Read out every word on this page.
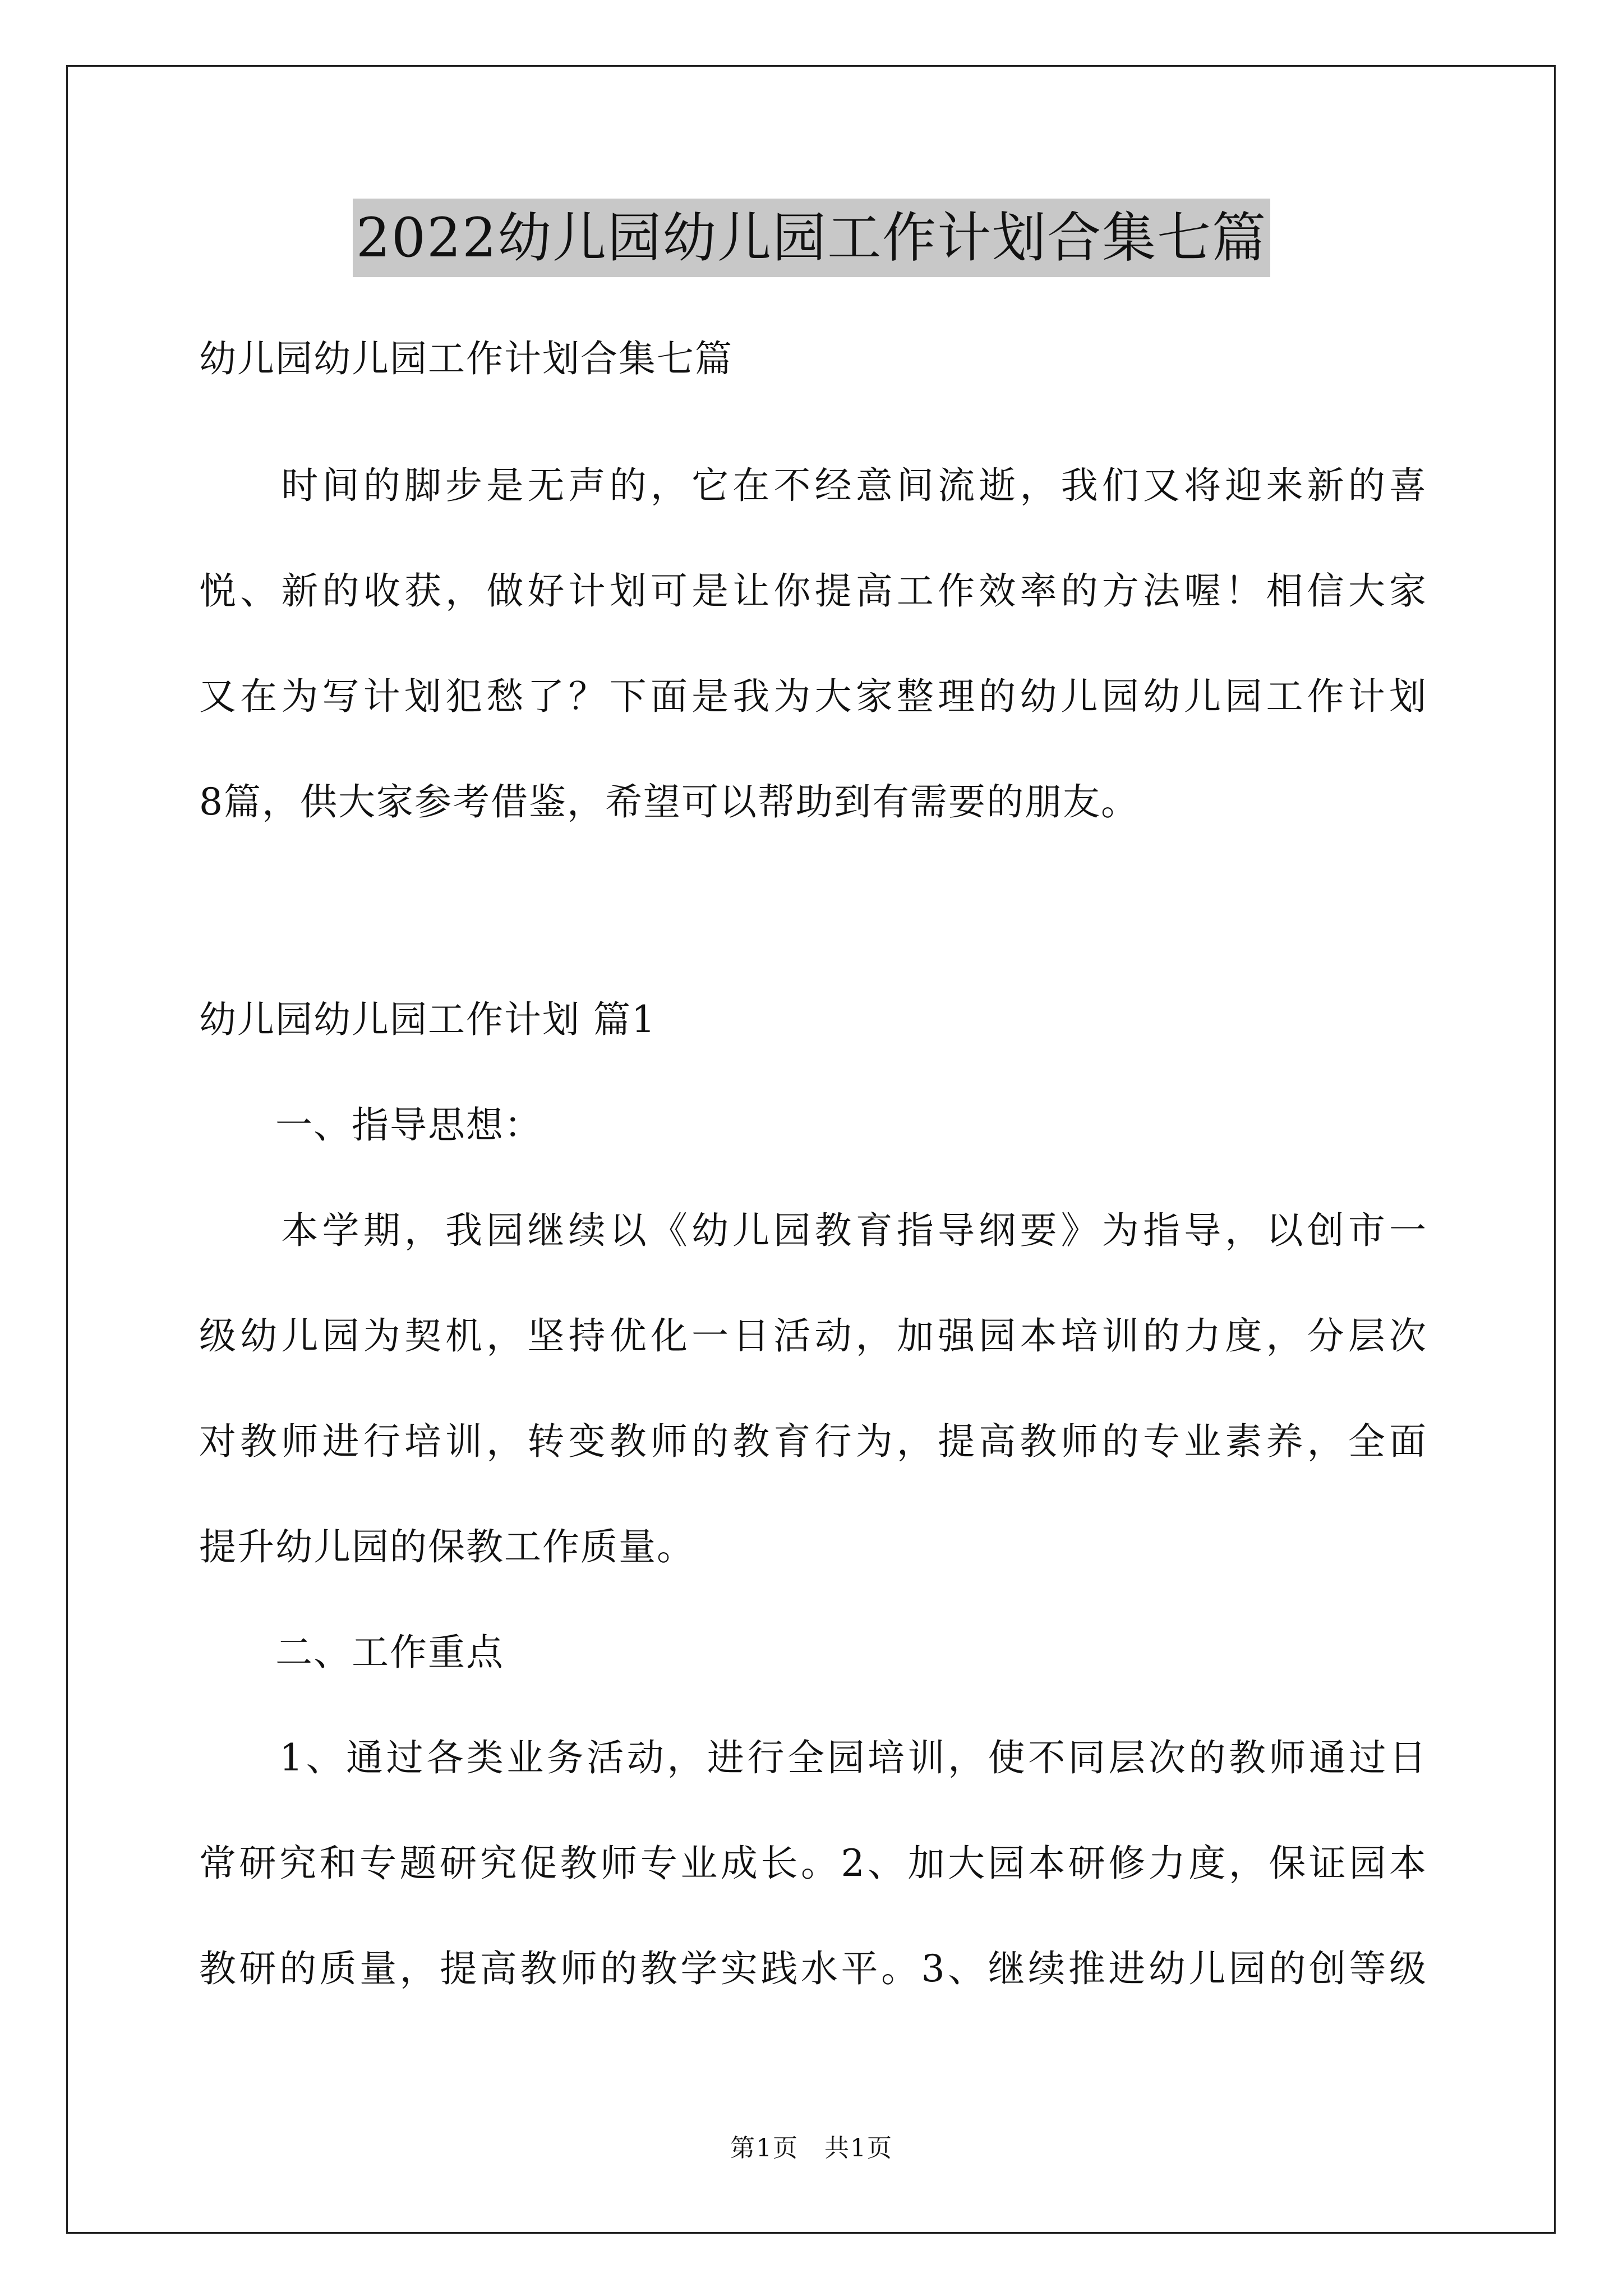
2022幼儿园幼儿园工作计划合集七篇
幼儿园幼儿园工作计划合集七篇
　　时间的脚步是无声的，它在不经意间流逝，我们又将迎来新的喜
悦、新的收获，做好计划可是让你提高工作效率的方法喔！相信大家
又在为写计划犯愁了？下面是我为大家整理的幼儿园幼儿园工作计划
8篇，供大家参考借鉴，希望可以帮助到有需要的朋友。
幼儿园幼儿园工作计划 篇1
　　一、指导思想：
　　本学期，我园继续以《幼儿园教育指导纲要》为指导，以创市一
级幼儿园为契机，坚持优化一日活动，加强园本培训的力度，分层次
对教师进行培训，转变教师的教育行为，提高教师的专业素养，全面
提升幼儿园的保教工作质量。
　　二、工作重点
　　1、通过各类业务活动，进行全园培训，使不同层次的教师通过日
常研究和专题研究促教师专业成长。2、加大园本研修力度，保证园本
教研的质量，提高教师的教学实践水平。3、继续推进幼儿园的创等级
第1页　共1页
